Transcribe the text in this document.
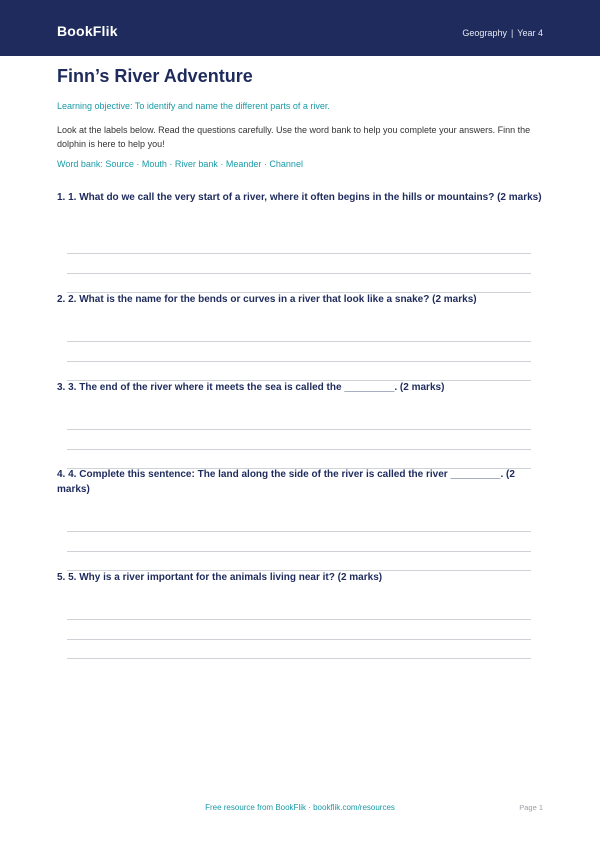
BookFlik	Geography | Year 4
Finn’s River Adventure
Learning objective: To identify and name the different parts of a river.
Look at the labels below. Read the questions carefully. Use the word bank to help you complete your answers. Finn the dolphin is here to help you!
Word bank: Source · Mouth · River bank · Meander · Channel
1. 1. What do we call the very start of a river, where it often begins in the hills or mountains? (2 marks)
2. 2. What is the name for the bends or curves in a river that look like a snake? (2 marks)
3. 3. The end of the river where it meets the sea is called the _________. (2 marks)
4. 4. Complete this sentence: The land along the side of the river is called the river _________. (2 marks)
5. 5. Why is a river important for the animals living near it? (2 marks)
Free resource from BookFlik · bookflik.com/resources	Page 1
